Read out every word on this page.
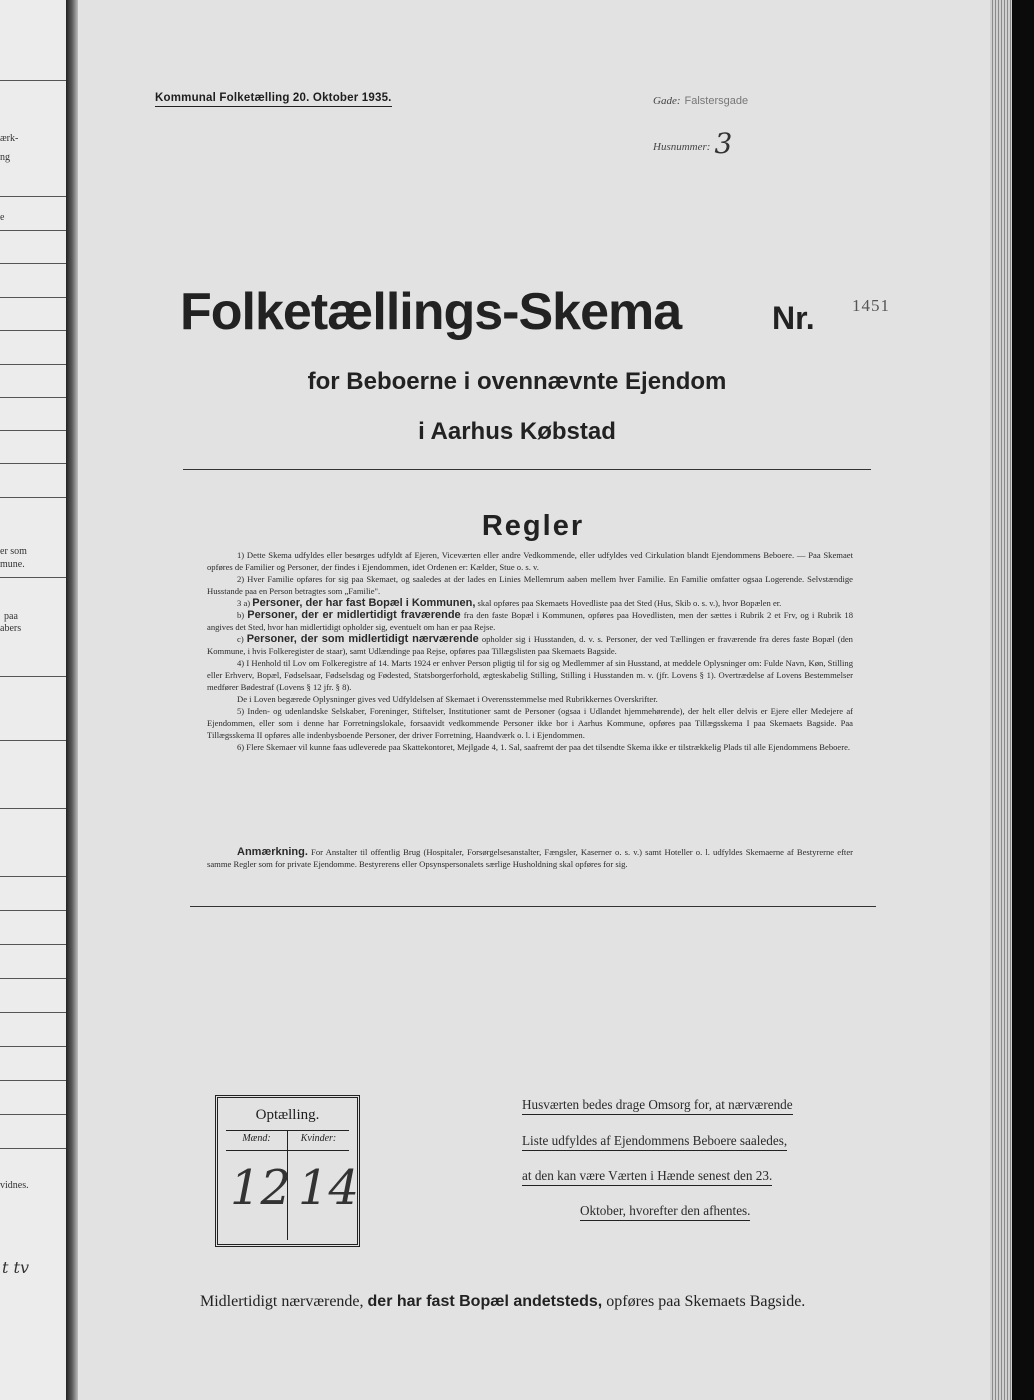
ærk-
ng
e
er som
mune.
paa
abers
vidnes.
t tv
Kommunal Folketælling 20. Oktober 1935.	Gade: Falstersgade
Husnummer: 3
Folketællings-Skema	Nr. 1451
for Beboerne i ovennævnte Ejendom
i Aarhus Købstad
Regler

1) Dette Skema udfyldes eller besørges udfyldt af Ejeren, Viceværten eller andre Vedkommende, eller udfyldes ved Cirkulation blandt Ejendommens Beboere. — Paa Skemaet opføres de Familier og Personer, der findes i Ejendommen, idet Ordenen er: Kælder, Stue o. s. v.

2) Hver Familie opføres for sig paa Skemaet, og saaledes at der lades en Linies Mellemrum aaben mellem hver Familie. En Familie omfatter ogsaa Logerende. Selvstændige Husstande paa en Person betragtes som „Familie".

3 a) Personer, der har fast Bopæl i Kommunen, skal opføres paa Skemaets Hovedliste paa det Sted (Hus, Skib o. s. v.), hvor Bopælen er.

b) Personer, der er midlertidigt fraværende fra den faste Bopæl i Kommunen, opføres paa Hovedlisten, men der sættes i Rubrik 2 et Frv, og i Rubrik 18 angives det Sted, hvor han midlertidigt opholder sig, eventuelt om han er paa Rejse.

c) Personer, der som midlertidigt nærværende opholder sig i Husstanden, d. v. s. Personer, der ved Tællingen er fraværende fra deres faste Bopæl (den Kommune, i hvis Folkeregister de staar), samt Udlændinge paa Rejse, opføres paa Tillægslisten paa Skemaets Bagside.

4) I Henhold til Lov om Folkeregistre af 14. Marts 1924 er enhver Person pligtig til for sig og Medlemmer af sin Husstand, at meddele Oplysninger om: Fulde Navn, Køn, Stilling eller Erhverv, Bopæl, Fødselsaar, Fødselsdag og Fødested, Statsborgerforhold, ægteskabelig Stilling, Stilling i Husstanden m. v. (jfr. Lovens § 1). Overtrædelse af Lovens Bestemmelser medfører Bødestraf (Lovens § 12 jfr. § 8).

De i Loven begærede Oplysninger gives ved Udfyldelsen af Skemaet i Overensstemmelse med Rubrikkernes Overskrifter.

5) Inden- og udenlandske Selskaber, Foreninger, Stiftelser, Institutioner samt de Personer (ogsaa i Udlandet hjemmehørende), der helt eller delvis er Ejere eller Medejere af Ejendommen, eller som i denne har Forretningslokale, forsaavidt vedkommende Personer ikke bor i Aarhus Kommune, opføres paa Tillægsskema I paa Skemaets Bagside. Paa Tillægsskema II opføres alle indenbysboende Personer, der driver Forretning, Haandværk o. l. i Ejendommen.

6) Flere Skemaer vil kunne faas udleverede paa Skattekontoret, Mejlgade 4, 1. Sal, saafremt der paa det tilsendte Skema ikke er tilstrækkelig Plads til alle Ejendommens Beboere.

Anmærkning. For Anstalter til offentlig Brug (Hospitaler, Forsørgelsesanstalter, Fængsler, Kaserner o. s. v.) samt Hoteller o. l. udfyldes Skemaerne af Bestyrerne efter samme Regler som for private Ejendomme. Bestyrerens eller Opsynspersonalets særlige Husholdning skal opføres for sig.
Optælling.
Mænd:	Kvinder:
12 14
Husværten bedes drage Omsorg for, at nærværende
Liste udfyldes af Ejendommens Beboere saaledes,
at den kan være Værten i Hænde senest den 23.
Oktober, hvorefter den afhentes.
Midlertidigt nærværende, der har fast Bopæl andetsteds, opføres paa Skemaets Bagside.
